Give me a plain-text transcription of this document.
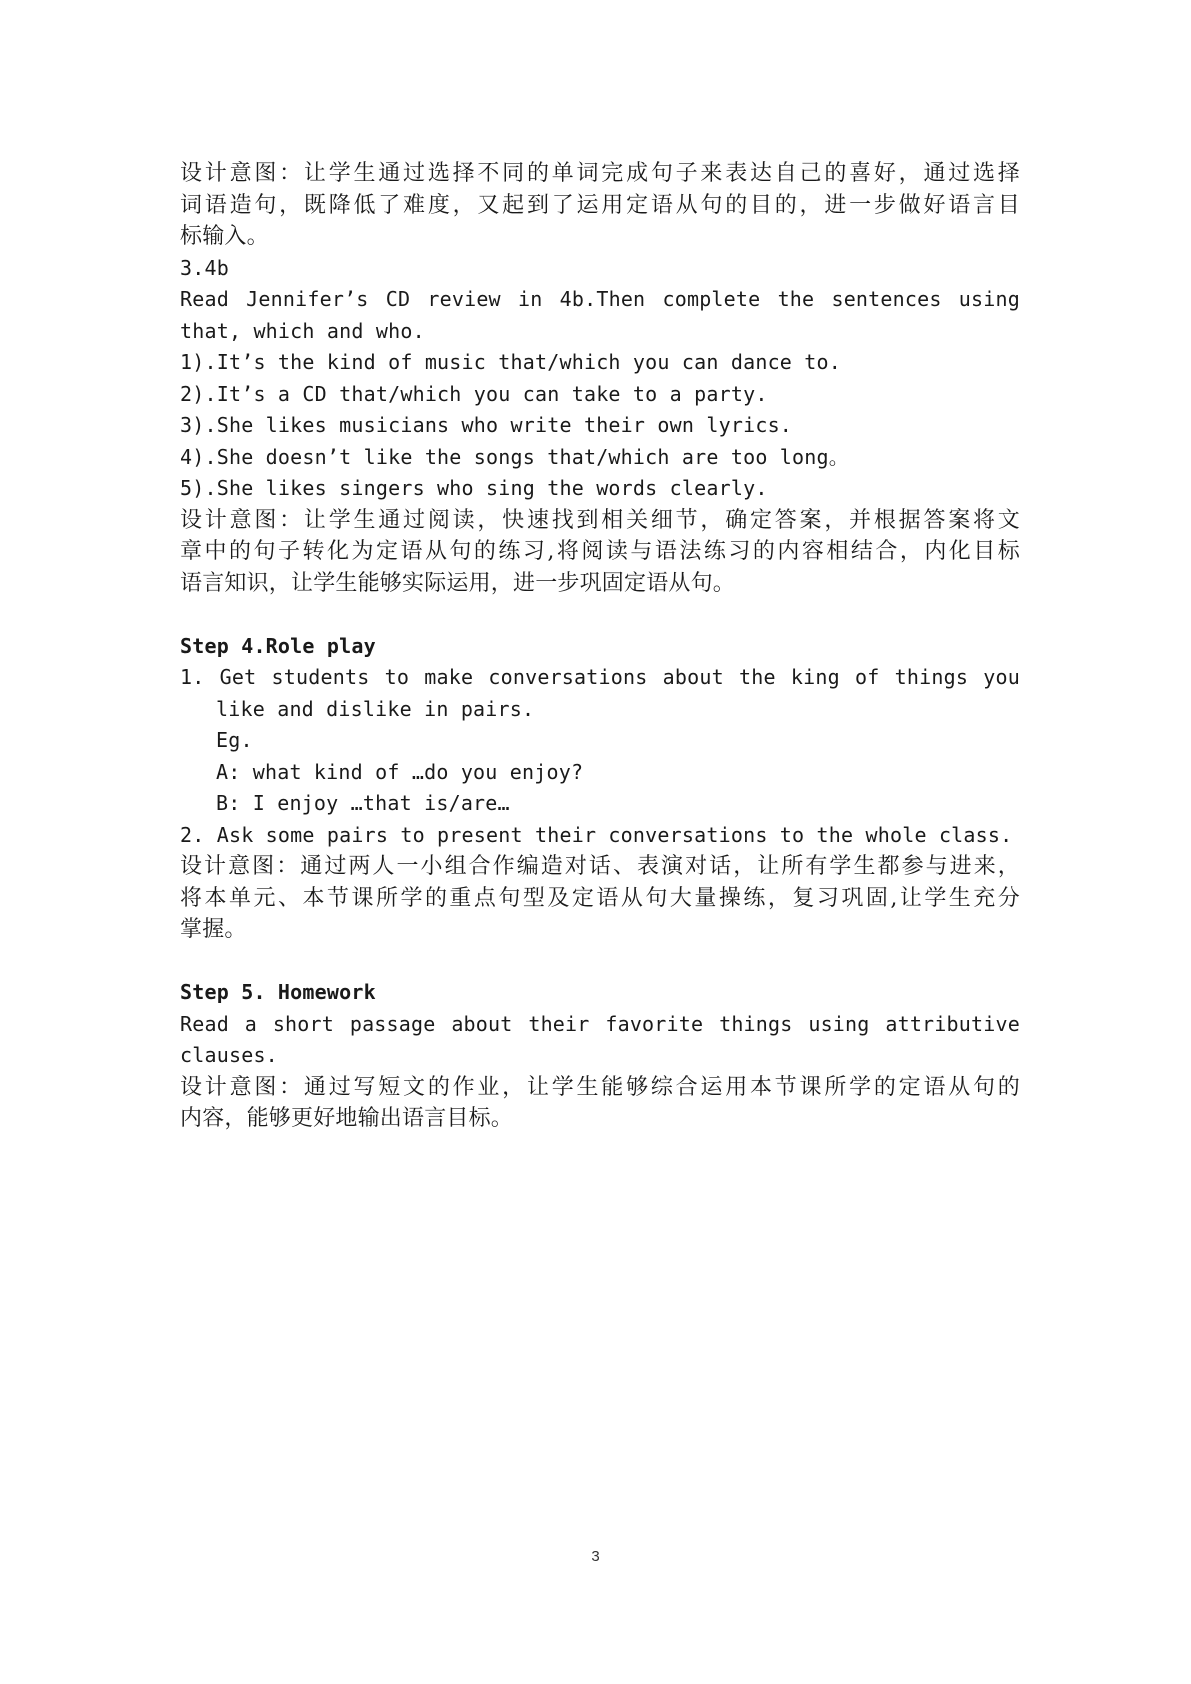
设计意图：让学生通过选择不同的单词完成句子来表达自己的喜好，通过选择
词语造句，既降低了难度，又起到了运用定语从句的目的，进一步做好语言目
标输入。
3.4b
Read Jennifer’s CD review in 4b.Then complete the sentences using
that, which and who.
1).It’s the kind of music that/which you can dance to.
2).It’s a CD that/which you can take to a party.
3).She likes musicians who write their own lyrics.
4).She doesn’t like the songs that/which are too long。
5).She likes singers who sing the words clearly.
设计意图：让学生通过阅读，快速找到相关细节，确定答案，并根据答案将文
章中的句子转化为定语从句的练习,将阅读与语法练习的内容相结合，内化目标
语言知识，让学生能够实际运用，进一步巩固定语从句。
Step 4.Role play
1. Get students to make conversations about the king of things you
like and dislike in pairs.
Eg.
A: what kind of …do you enjoy?
B: I enjoy …that is/are…
2. Ask some pairs to present their conversations to the whole class.
设计意图：通过两人一小组合作编造对话、表演对话，让所有学生都参与进来，
将本单元、本节课所学的重点句型及定语从句大量操练，复习巩固,让学生充分
掌握。
Step 5. Homework
Read a short passage about their favorite things using attributive
clauses.
设计意图：通过写短文的作业，让学生能够综合运用本节课所学的定语从句的
内容，能够更好地输出语言目标。
3
